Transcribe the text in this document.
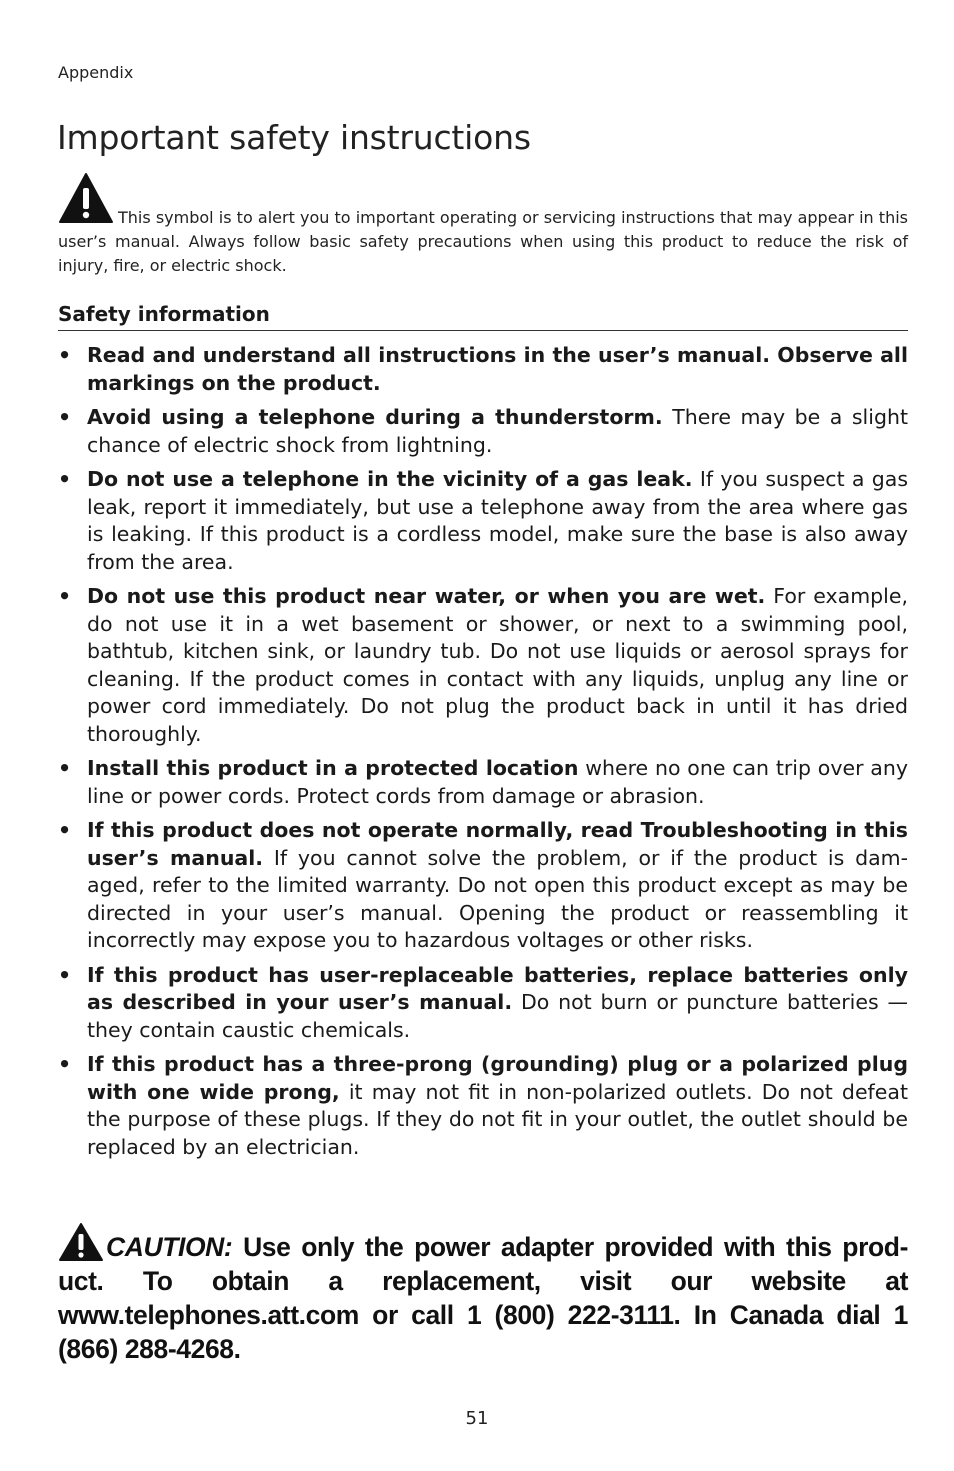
Appendix
Important safety instructions
This symbol is to alert you to important operating or servicing instructions that may appear in this user’s manual. Always follow basic safety precautions when using this product to reduce the risk of injury, fire, or electric shock.
Safety information
• Read and understand all instructions in the user’s manual. Observe all markings on the product.
• Avoid using a telephone during a thunderstorm. There may be a slight chance of electric shock from lightning.
• Do not use a telephone in the vicinity of a gas leak. If you suspect a gas leak, report it immediately, but use a telephone away from the area where gas is leaking. If this product is a cordless model, make sure the base is also away from the area.
• Do not use this product near water, or when you are wet. For example, do not use it in a wet basement or shower, or next to a swimming pool, bathtub, kitchen sink, or laundry tub. Do not use liquids or aerosol sprays for cleaning. If the product comes in contact with any liquids, unplug any line or power cord immediately. Do not plug the product back in until it has dried thoroughly.
• Install this product in a protected location where no one can trip over any line or power cords. Protect cords from damage or abrasion.
• If this product does not operate normally, read Troubleshooting in this user’s manual. If you cannot solve the problem, or if the product is dam-aged, refer to the limited warranty. Do not open this product except as may be directed in your user’s manual. Opening the product or reassembling it incorrectly may expose you to hazardous voltages or other risks.
• If this product has user-replaceable batteries, replace batteries only as described in your user’s manual. Do not burn or puncture batteries — they contain caustic chemicals.
• If this product has a three-prong (grounding) plug or a polarized plug with one wide prong, it may not fit in non-polarized outlets. Do not defeat the purpose of these plugs. If they do not fit in your outlet, the outlet should be replaced by an electrician.
CAUTION: Use only the power adapter provided with this prod-uct. To obtain a replacement, visit our website at www.telephones.att.com or call 1 (800) 222-3111. In Canada dial 1 (866) 288-4268.
51
